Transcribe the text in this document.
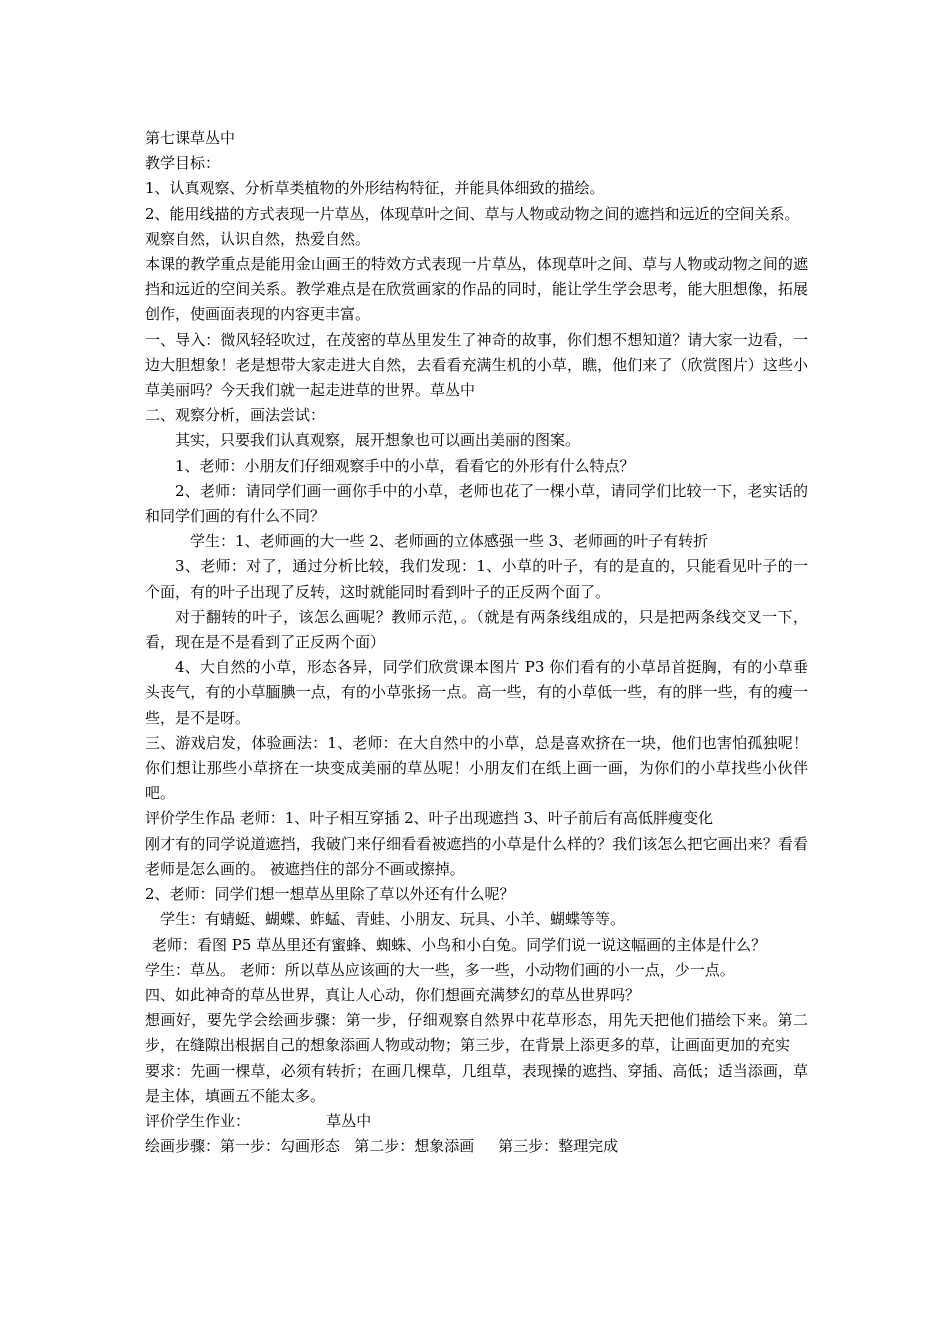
第七课草丛中

教学目标：

1、认真观察、分析草类植物的外形结构特征，并能具体细致的描绘。

2、能用线描的方式表现一片草丛，体现草叶之间、草与人物或动物之间的遮挡和远近的空间关系。

观察自然，认识自然，热爱自然。

本课的教学重点是能用金山画王的特效方式表现一片草丛，体现草叶之间、草与人物或动物之间的遮挡和远近的空间关系。教学难点是在欣赏画家的作品的同时，能让学生学会思考，能大胆想像，拓展创作，使画面表现的内容更丰富。

一、导入：微风轻轻吹过，在茂密的草丛里发生了神奇的故事，你们想不想知道？请大家一边看，一边大胆想象！老是想带大家走进大自然，去看看充满生机的小草，瞧，他们来了（欣赏图片）这些小草美丽吗？今天我们就一起走进草的世界。草丛中

二、观察分析，画法尝试：

其实，只要我们认真观察，展开想象也可以画出美丽的图案。

1、老师：小朋友们仔细观察手中的小草，看看它的外形有什么特点？

2、老师：请同学们画一画你手中的小草，老师也花了一棵小草，请同学们比较一下，老实话的和同学们画的有什么不同？

学生：1、老师画的大一些 2、老师画的立体感强一些 3、老师画的叶子有转折

3、老师：对了，通过分析比较，我们发现：1、小草的叶子，有的是直的，只能看见叶子的一个面，有的叶子出现了反转，这时就能同时看到叶子的正反两个面了。

对于翻转的叶子，该怎么画呢？教师示范，。（就是有两条线组成的，只是把两条线交叉一下，看，现在是不是看到了正反两个面）

4、大自然的小草，形态各异，同学们欣赏课本图片 P3 你们看有的小草昂首挺胸，有的小草垂头丧气，有的小草腼腆一点，有的小草张扬一点。高一些，有的小草低一些，有的胖一些，有的瘦一些，是不是呀。

三、游戏启发，体验画法：1、老师：在大自然中的小草，总是喜欢挤在一块，他们也害怕孤独呢！你们想让那些小草挤在一块变成美丽的草丛呢！小朋友们在纸上画一画，为你们的小草找些小伙伴吧。

评价学生作品 老师：1、叶子相互穿插 2、叶子出现遮挡 3、叶子前后有高低胖瘦变化

刚才有的同学说道遮挡，我破门来仔细看看被遮挡的小草是什么样的？我们该怎么把它画出来？看看老师是怎么画的。 被遮挡住的部分不画或擦掉。

2、老师：同学们想一想草丛里除了草以外还有什么呢？

学生：有蜻蜓、蝴蝶、蚱蜢、青蛙、小朋友、玩具、小羊、蝴蝶等等。

老师：看图 P5 草丛里还有蜜蜂、蜘蛛、小鸟和小白兔。同学们说一说这幅画的主体是什么？

学生：草丛。 老师：所以草丛应该画的大一些，多一些，小动物们画的小一点，少一点。

四、如此神奇的草丛世界，真让人心动，你们想画充满梦幻的草丛世界吗？

想画好，要先学会绘画步骤：第一步，仔细观察自然界中花草形态，用先天把他们描绘下来。第二步，在缝隙出根据自己的想象添画人物或动物；第三步，在背景上添更多的草，让画面更加的充实

要求：先画一棵草，必须有转折；在画几棵草，几组草，表现操的遮挡、穿插、高低；适当添画，草是主体，填画五不能太多。

评价学生作业：                草丛中

绘画步骤：第一步：勾画形态   第二步：想象添画     第三步：整理完成
